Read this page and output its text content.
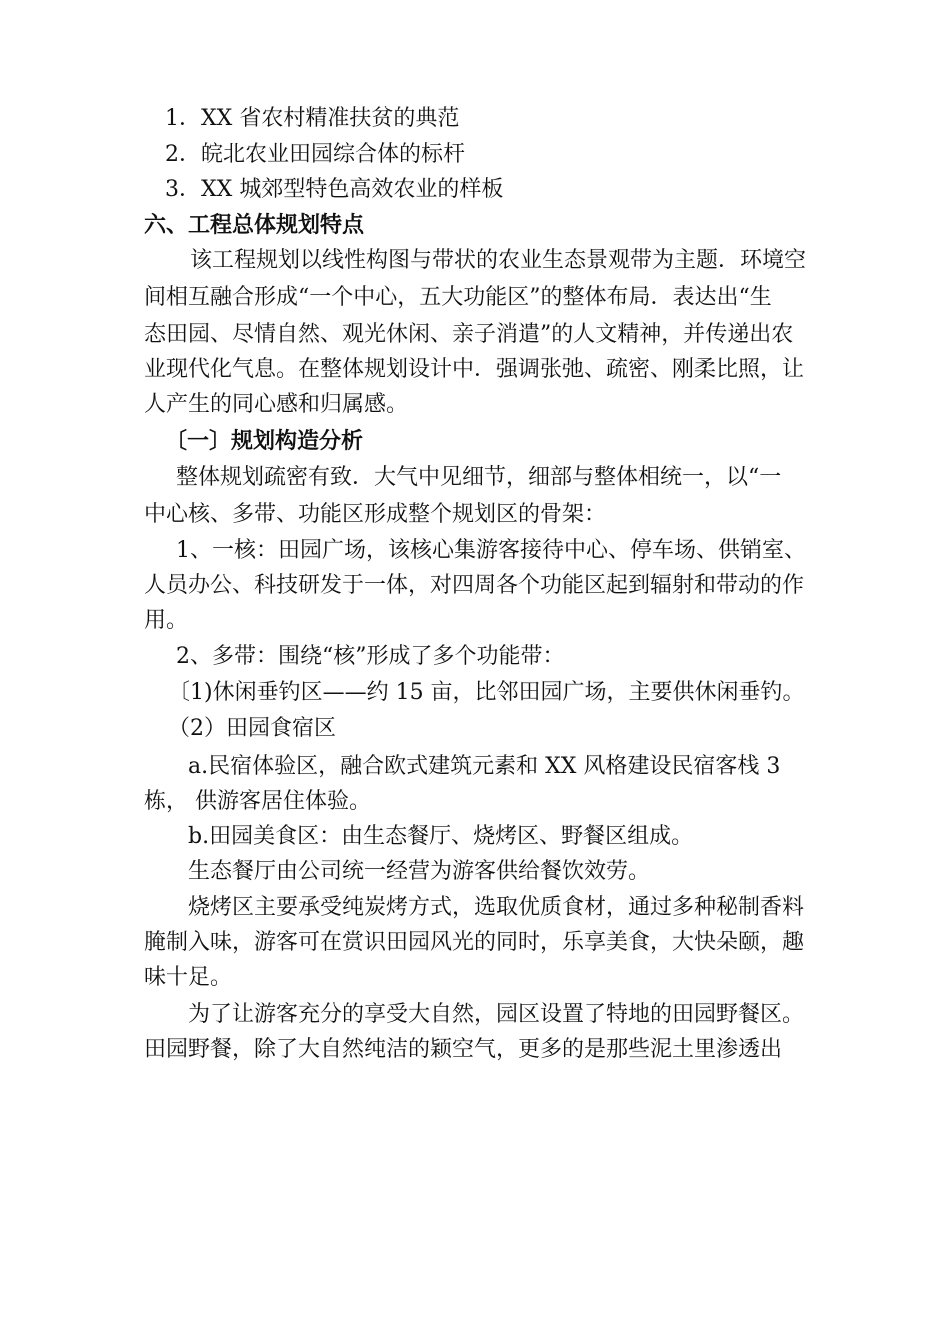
1．XX 省农村精准扶贫的典范
2．皖北农业田园综合体的标杆
3．XX 城郊型特色高效农业的样板
六、工程总体规划特点
该工程规划以线性构图与带状的农业生态景观带为主题．环境空
间相互融合形成“一个中心，五大功能区”的整体布局．表达出“生
态田园、尽情自然、观光休闲、亲子消遣”的人文精神，并传递出农
业现代化气息。在整体规划设计中．强调张弛、疏密、刚柔比照，让
人产生的同心感和归属感。
〔一〕规划构造分析
整体规划疏密有致．大气中见细节，细部与整体相统一，以“一
中心核、多带、功能区形成整个规划区的骨架：
1、一核：田园广场，该核心集游客接待中心、停车场、供销室、
人员办公、科技研发于一体，对四周各个功能区起到辐射和带动的作
用。
2、多带：围绕“核”形成了多个功能带：
〔1)休闲垂钓区——约 15 亩，比邻田园广场，主要供休闲垂钓。
（2）田园食宿区
a.民宿体验区，融合欧式建筑元素和 XX 风格建设民宿客栈 3
栋， 供游客居住体验。
b.田园美食区：由生态餐厅、烧烤区、野餐区组成。
生态餐厅由公司统一经营为游客供给餐饮效劳。
烧烤区主要承受纯炭烤方式，选取优质食材，通过多种秘制香料
腌制入味，游客可在赏识田园风光的同时，乐享美食，大快朵颐，趣
味十足。
为了让游客充分的享受大自然，园区设置了特地的田园野餐区。
田园野餐，除了大自然纯洁的颖空气，更多的是那些泥土里渗透出
